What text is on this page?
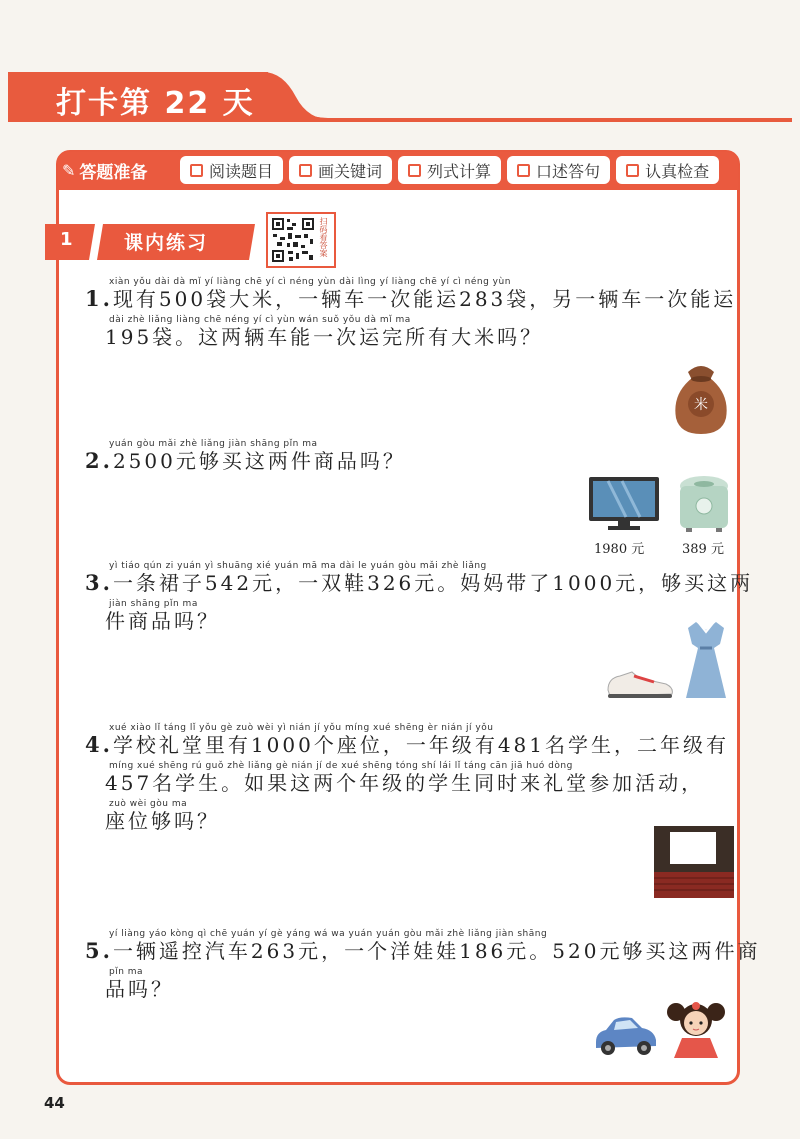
打卡第 22 天
✎ 答题准备	阅读题目	画关键词	列式计算	口述答句	认真检查
1	课内练习	扫码看答案
xiàn yǒu dài dà mǐ yí liàng chē yí cì néng yùn dài lìng yí liàng chē yí cì néng yùn
1.现有500袋大米，一辆车一次能运283袋，另一辆车一次能运
dài zhè liǎng liàng chē néng yí cì yùn wán suǒ yǒu dà mǐ ma
195袋。这两辆车能一次运完所有大米吗？
米
yuán gòu mǎi zhè liǎng jiàn shāng pǐn ma
2.2500元够买这两件商品吗？
1980 元	389 元
yì tiáo qún zi yuán yì shuāng xié yuán mā ma dài le yuán gòu mǎi zhè liǎng
3.一条裙子542元，一双鞋326元。妈妈带了1000元，够买这两
jiàn shāng pǐn ma
件商品吗？
xué xiào lǐ táng lǐ yǒu gè zuò wèi yì nián jí yǒu míng xué shēng èr nián jí yǒu
4.学校礼堂里有1000个座位，一年级有481名学生，二年级有
míng xué shēng rú guǒ zhè liǎng gè nián jí de xué shēng tóng shí lái lǐ táng cān jiā huó dòng
457名学生。如果这两个年级的学生同时来礼堂参加活动，
zuò wèi gòu ma
座位够吗？
yí liàng yáo kòng qì chē yuán yí gè yáng wá wa yuán yuán gòu mǎi zhè liǎng jiàn shāng
5.一辆遥控汽车263元，一个洋娃娃186元。520元够买这两件商
pǐn ma
品吗？
44
